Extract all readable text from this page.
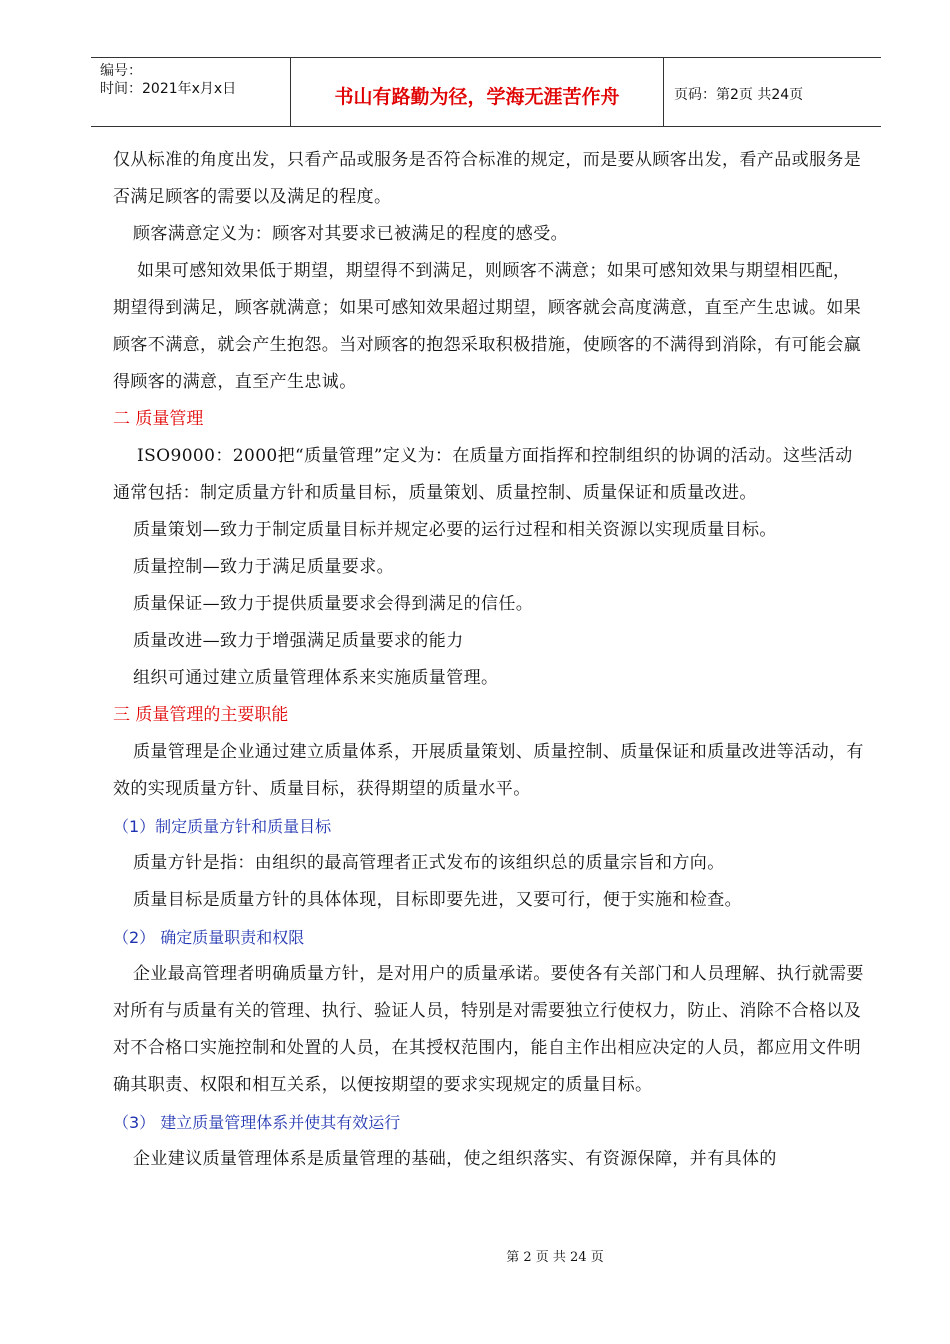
编号：
时间：2021年x月x日	书山有路勤为径，学海无涯苦作舟	页码：第2页 共24页

仅从标准的角度出发，只看产品或服务是否符合标准的规定，而是要从顾客出发，看产品或服务是否满足顾客的需要以及满足的程度。

顾客满意定义为：顾客对其要求已被满足的程度的感受。

如果可感知效果低于期望，期望得不到满足，则顾客不满意；如果可感知效果与期望相匹配，期望得到满足，顾客就满意；如果可感知效果超过期望，顾客就会高度满意，直至产生忠诚。如果顾客不满意，就会产生抱怨。当对顾客的抱怨采取积极措施，使顾客的不满得到消除，有可能会赢得顾客的满意，直至产生忠诚。

二 质量管理

ISO9000：2000把“质量管理”定义为：在质量方面指挥和控制组织的协调的活动。这些活动通常包括：制定质量方针和质量目标，质量策划、质量控制、质量保证和质量改进。

质量策划—致力于制定质量目标并规定必要的运行过程和相关资源以实现质量目标。

质量控制—致力于满足质量要求。

质量保证—致力于提供质量要求会得到满足的信任。

质量改进—致力于增强满足质量要求的能力

组织可通过建立质量管理体系来实施质量管理。

三 质量管理的主要职能

质量管理是企业通过建立质量体系，开展质量策划、质量控制、质量保证和质量改进等活动，有效的实现质量方针、质量目标，获得期望的质量水平。

（1）制定质量方针和质量目标

质量方针是指：由组织的最高管理者正式发布的该组织总的质量宗旨和方向。

质量目标是质量方针的具体体现，目标即要先进，又要可行，便于实施和检查。

（2） 确定质量职责和权限

企业最高管理者明确质量方针，是对用户的质量承诺。要使各有关部门和人员理解、执行就需要对所有与质量有关的管理、执行、验证人员，特别是对需要独立行使权力，防止、消除不合格以及对不合格口实施控制和处置的人员，在其授权范围内，能自主作出相应决定的人员，都应用文件明确其职责、权限和相互关系，以便按期望的要求实现规定的质量目标。

（3） 建立质量管理体系并使其有效运行

企业建议质量管理体系是质量管理的基础，使之组织落实、有资源保障，并有具体的

第 2 页 共 24 页
